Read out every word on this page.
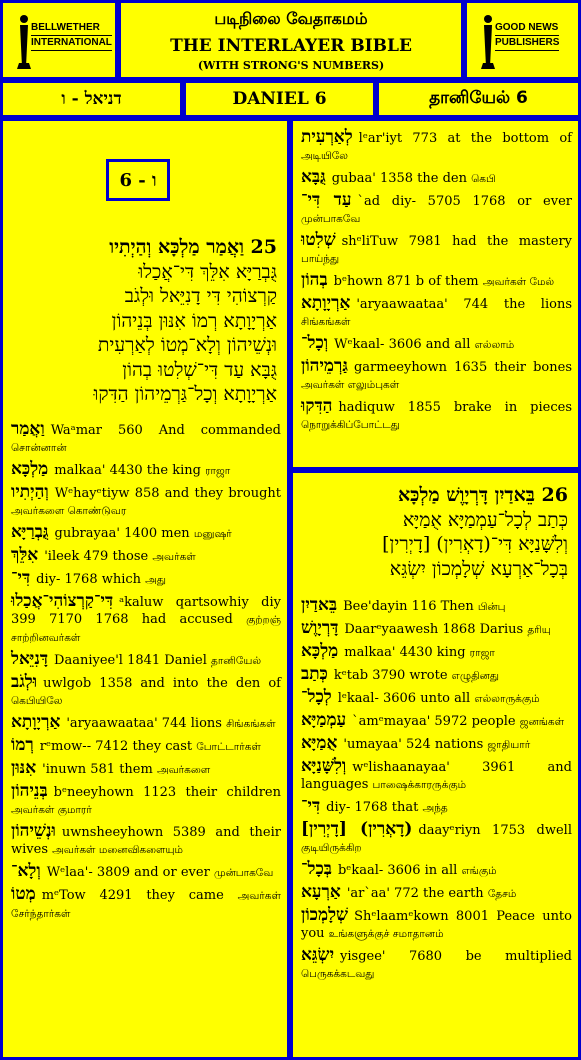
BELLWETHER
INTERNATIONAL
படிநிலை வேதாகமம்
THE INTERLAYER BIBLE
(WITH STRONG'S NUMBERS)
GOOD NEWS
PUBLISHERS
דניאל - ו	DANIEL 6	தானியேல் 6
ו - 6
25 וַאֲמַר מַלְכָּא וְהַיְתִיו
גֻּבְרַיָּא אִלֵּךְ דִּי־אֲכַלוּ
קַרְצוֹהִי דִּי דָנִיֵּאל וּלְגֹב
אַרְיָוָתָא רְמוֹ אִנּוּן בְּנֵיהוֹן
וּנְשֵׁיהוֹן וְלָא־מְטוֹ לְאַרְעִית
גֻּבָּא עַד דִּי־שְׁלִטוּ בְהוֹן
אַרְיָוָתָא וְכָל־גַּרְמֵיהוֹן הַדִּקוּ
וַאֲמַר Waᵃmar 560 And commanded சொன்னான்
מַלְכָּא malkaa' 4430 the king ராஜா
וְהַיְתִיו Wᵉhayᵉtiyw 858 and they brought அவர்களை கொண்டுவர
גֻּבְרַיָּא gubrayaa' 1400 men மனுஷர்
אִלֵּךְ 'ileek 479 those அவர்கள்
דִּי־ diy- 1768 which அது
דִּי־קַרְצוֹהִי־אֲכַלוּ ᵃkaluw qartsowhiy diy 399 7170 1768 had accused குற்றஞ் சாற்றினவர்கள்
דָּנִיֵּאל Daaniyee'l 1841 Daniel தானியேல்
וּלְגֹב uwlgob 1358 and into the den of கெபியிலே
אַרְיָוָתָא 'aryaawaataa' 744 lions சிங்கங்கள்
רְמוֹ rᵉmow-- 7412 they cast போட்டார்கள்
אִנּוּן 'inuwn 581 them அவர்களை
בְּנֵיהוֹן bᵉneeyhown 1123 their children அவர்கள் குமாரர்
וּנְשֵׁיהוֹן uwnsheeyhown 5389 and their wives அவர்கள் மனைவிகளையும்
וְלָא־ Wᵉlaa'- 3809 and or ever முன்பாகவே
מְטוֹ mᵉTow 4291 they came அவர்கள் சேர்ந்தார்கள்
לְאַרְעִית lᵉar'iyt 773 at the bottom of அடியிலே
גֻּבָּא gubaa' 1358 the den கெபி
עַד דִּי־ `ad diy- 5705 1768 or ever முன்பாகவே
שְׁלִטוּ shᵉliTuw 7981 had the mastery பாய்ந்து
בְהוֹן bᵉhown 871 b of them அவர்கள் மேல்
אַרְיָוָתָא 'aryaawaataa' 744 the lions சிங்கங்கள்
וְכָל־ Wᵉkaal- 3606 and all எல்லாம்
גַּרְמֵיהוֹן garmeeyhown 1635 their bones அவர்கள் எலும்புகள்
הַדִּקוּ hadiquw 1855 brake in pieces நொறுக்கிப்போட்டது
26 בֵּאדַיִן דָּרְיָוֶשׁ מַלְכָּא
כְּתַב לְכָל־עַמְמַיָּא אֻמַיָּא
וְלִשָּׁנַיָּא דִּי־(דָאְרִין) [דָיְרִין]
בְּכָל־אַרְעָא שְׁלָמְכוֹן יִשְׂגֵּא
בֵּאדַיִן Bee'dayin 116 Then பின்பு
דָּרְיָוֶשׁ Daarᵉyaawesh 1868 Darius தரியு
מַלְכָּא malkaa' 4430 king ராஜா
כְּתַב kᵉtab 3790 wrote எழுதினது
לְכָל־ lᵉkaal- 3606 unto all எல்லாருக்கும்
עַמְמַיָּא `amᵉmayaa' 5972 people ஜனங்கள்
אֻמַיָּא 'umayaa' 524 nations ஜாதியார்
וְלִשָּׁנַיָּא wᵉlishaanayaa' 3961 and languages பாஷைக்காரருக்கும்
דִּי־ diy- 1768 that அந்த
(דָאְרִין) [דָיְרִין] daayᵉriyn 1753 dwell குடியிருக்கிற
בְּכָל־ bᵉkaal- 3606 in all எங்கும்
אַרְעָא 'ar`aa' 772 the earth தேசம்
שְׁלָמְכוֹן Shᵉlaamᵉkown 8001 Peace unto you உங்களுக்குச் சமாதானம்
יִשְׂגֵּא yisgee' 7680 be multiplied பெருகக்கடவது
